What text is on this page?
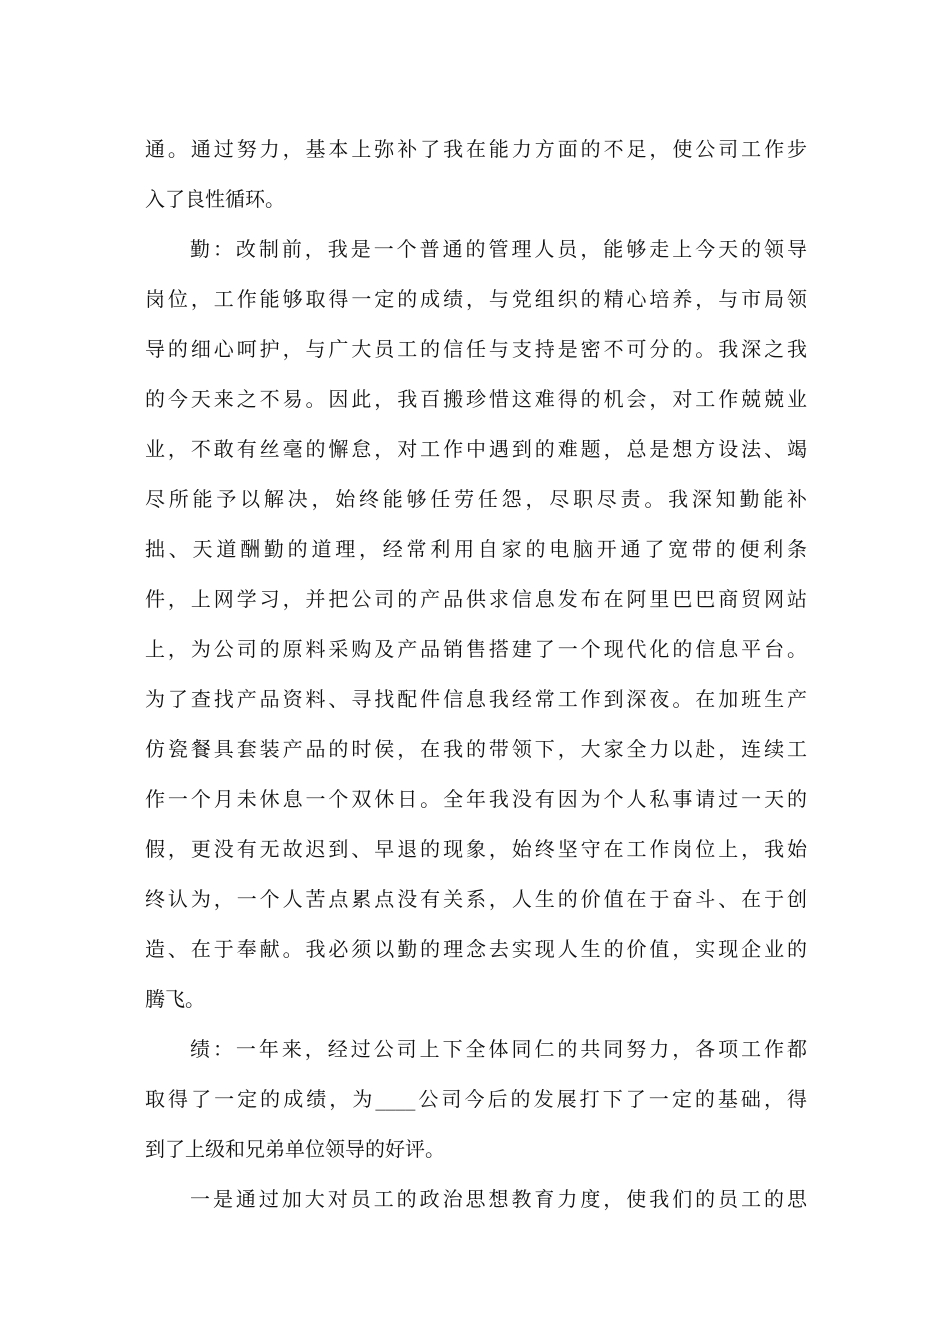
通。通过努力，基本上弥补了我在能力方面的不足，使公司工作步
入了良性循环。
勤：改制前，我是一个普通的管理人员，能够走上今天的领导
岗位，工作能够取得一定的成绩，与党组织的精心培养，与市局领
导的细心呵护，与广大员工的信任与支持是密不可分的。我深之我
的今天来之不易。因此，我百搬珍惜这难得的机会，对工作兢兢业
业，不敢有丝毫的懈怠，对工作中遇到的难题，总是想方设法、竭
尽所能予以解决，始终能够任劳任怨，尽职尽责。我深知勤能补
拙、天道酬勤的道理，经常利用自家的电脑开通了宽带的便利条
件，上网学习，并把公司的产品供求信息发布在阿里巴巴商贸网站
上，为公司的原料采购及产品销售搭建了一个现代化的信息平台。
为了查找产品资料、寻找配件信息我经常工作到深夜。在加班生产
仿瓷餐具套装产品的时侯，在我的带领下，大家全力以赴，连续工
作一个月未休息一个双休日。全年我没有因为个人私事请过一天的
假，更没有无故迟到、早退的现象，始终坚守在工作岗位上，我始
终认为，一个人苦点累点没有关系，人生的价值在于奋斗、在于创
造、在于奉献。我必须以勤的理念去实现人生的价值，实现企业的
腾飞。
绩：一年来，经过公司上下全体同仁的共同努力，各项工作都
取得了一定的成绩，为____公司今后的发展打下了一定的基础，得
到了上级和兄弟单位领导的好评。
一是通过加大对员工的政治思想教育力度，使我们的员工的思
